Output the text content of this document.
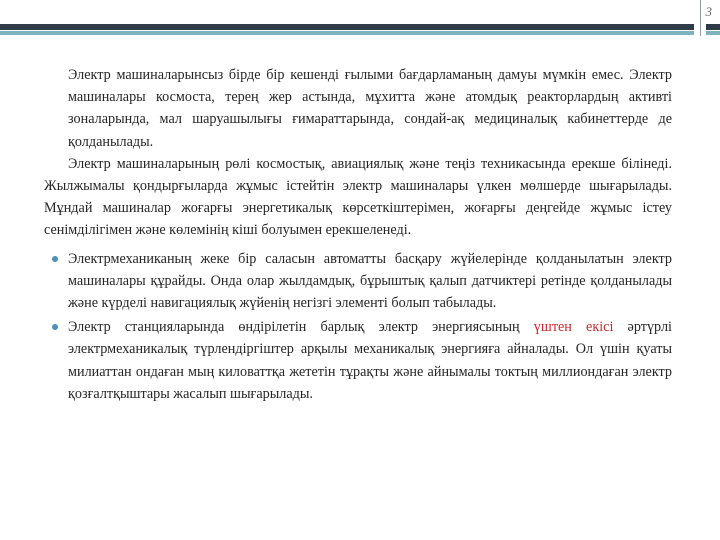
3

Электр машиналарынсыз бірде бір кешенді ғылыми бағдарламаның дамуы мүмкін емес. Электр машиналары космоста, терең жер астында, мұхитта және атомдық реакторлардың активті зоналарында, мал шаруашылығы ғимараттарында, сондай-ақ медициналық кабинеттерде де қолданылады.

Электр машиналарының рөлі космостық, авиациялық және теңіз техникасында ерекше білінеді. Жылжымалы қондырғыларда жұмыс істейтін электр машиналары үлкен мөлшерде шығарылады. Мұндай машиналар жоғарғы энергетикалық көрсеткіштерімен, жоғарғы деңгейде жұмыс істеу сенімділігімен және көлемінің кіші болуымен ерекшеленеді.

Электрмеханиканың жеке бір саласын автоматты басқару жүйелерінде қолданылатын электр машиналары құрайды. Онда олар жылдамдық, бұрыштық қалып датчиктері ретінде қолданылады және күрделі навигациялық жүйенің негізгі элементі болып табылады.
Электр станцияларында өндірілетін барлық электр энергиясының үштен екісі әртүрлі электрмеханикалық түрлендіргіштер арқылы механикалық энергияға айналады. Ол үшін қуаты милиаттан ондаған мың киловаттқа жететін тұрақты және айнымалы токтың миллиондаған электр қозғалтқыштары жасалып шығарылады.
